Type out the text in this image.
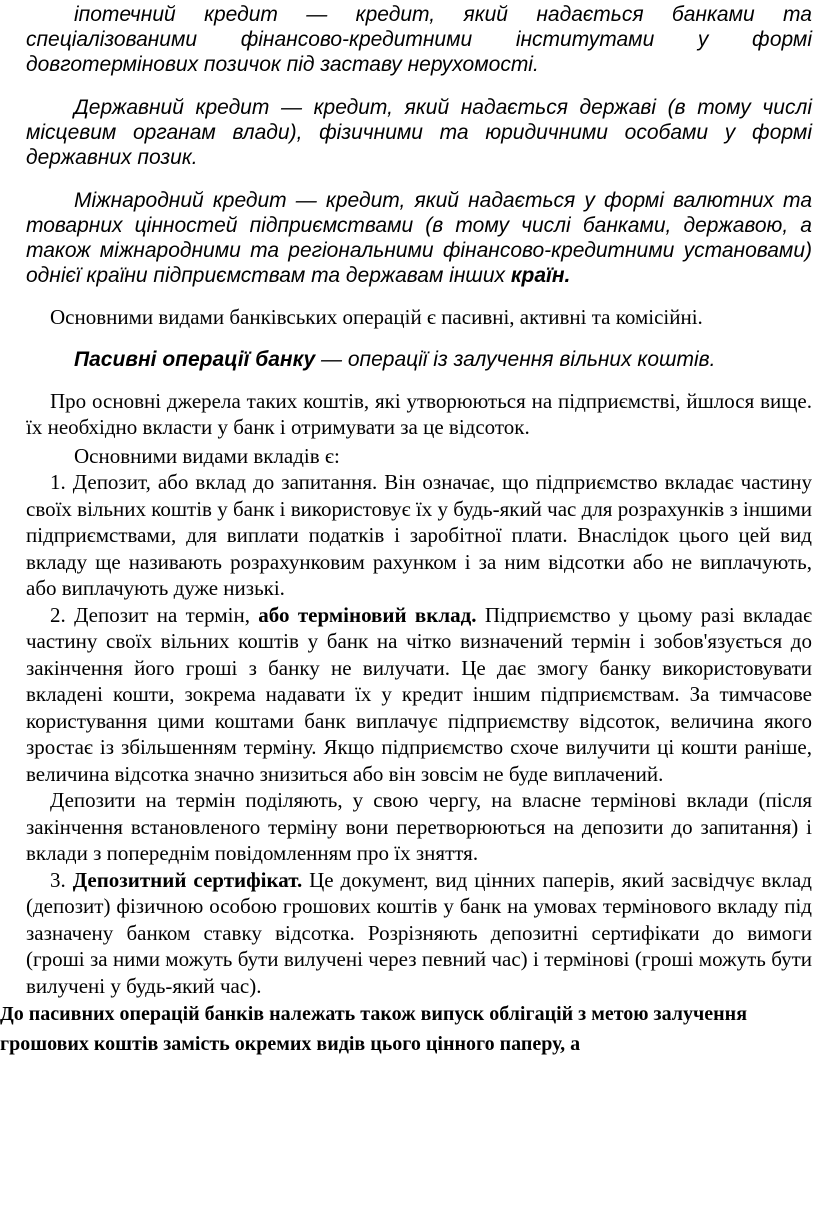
іпотечний кредит — кредит, який надається банками та спеціалізованими фінансово-кредитними інститутами у формі довготермінових позичок під заставу нерухомості.

Державний кредит — кредит, який надається державі (в тому числі місцевим органам влади), фізичними та юридичними особами у формі державних позик.

Міжнародний кредит — кредит, який надається у формі валютних та товарних цінностей підприємствами (в тому числі банками, державою, а також міжнародними та регіональними фінансово-кредитними установами) однієї країни підприємствам та державам інших країн.

Основними видами банківських операцій є пасивні, активні та комісійні.

Пасивні операції банку — операції із залучення вільних коштів.

Про основні джерела таких коштів, які утворюються на підприємстві, йшлося вище. їх необхідно вкласти у банк і отримувати за це відсоток.

Основними видами вкладів є:

1. Депозит, або вклад до запитання. Він означає, що підприємство вкладає частину своїх вільних коштів у банк і використовує їх у будь-який час для розрахунків з іншими підприємствами, для виплати податків і заробітної плати. Внаслідок цього цей вид вкладу ще називають розрахунковим рахунком і за ним відсотки або не виплачують, або виплачують дуже низькі.

2. Депозит на термін, або терміновий вклад. Підприємство у цьому разі вкладає частину своїх вільних коштів у банк на чітко визначений термін і зобов'язується до закінчення його гроші з банку не вилучати. Це дає змогу банку використовувати вкладені кошти, зокрема надавати їх у кредит іншим підприємствам. За тимчасове користування цими коштами банк виплачує підприємству відсоток, величина якого зростає із збільшенням терміну. Якщо підприємство схоче вилучити ці кошти раніше, величина відсотка значно знизиться або він зовсім не буде виплачений.

Депозити на термін поділяють, у свою чергу, на власне термінові вклади (після закінчення встановленого терміну вони перетворюються на депозити до запитання) і вклади з попереднім повідомленням про їх зняття.

3. Депозитний сертифікат. Це документ, вид цінних паперів, який засвідчує вклад (депозит) фізичною особою грошових коштів у банк на умовах термінового вкладу під зазначену банком ставку відсотка. Розрізняють депозитні сертифікати до вимоги (гроші за ними можуть бути вилучені через певний час) і термінові (гроші можуть бути вилучені у будь-який час).

До пасивних операцій банків належать також випуск облігацій з метою залучення грошових коштів замість окремих видів цього цінного паперу, а
